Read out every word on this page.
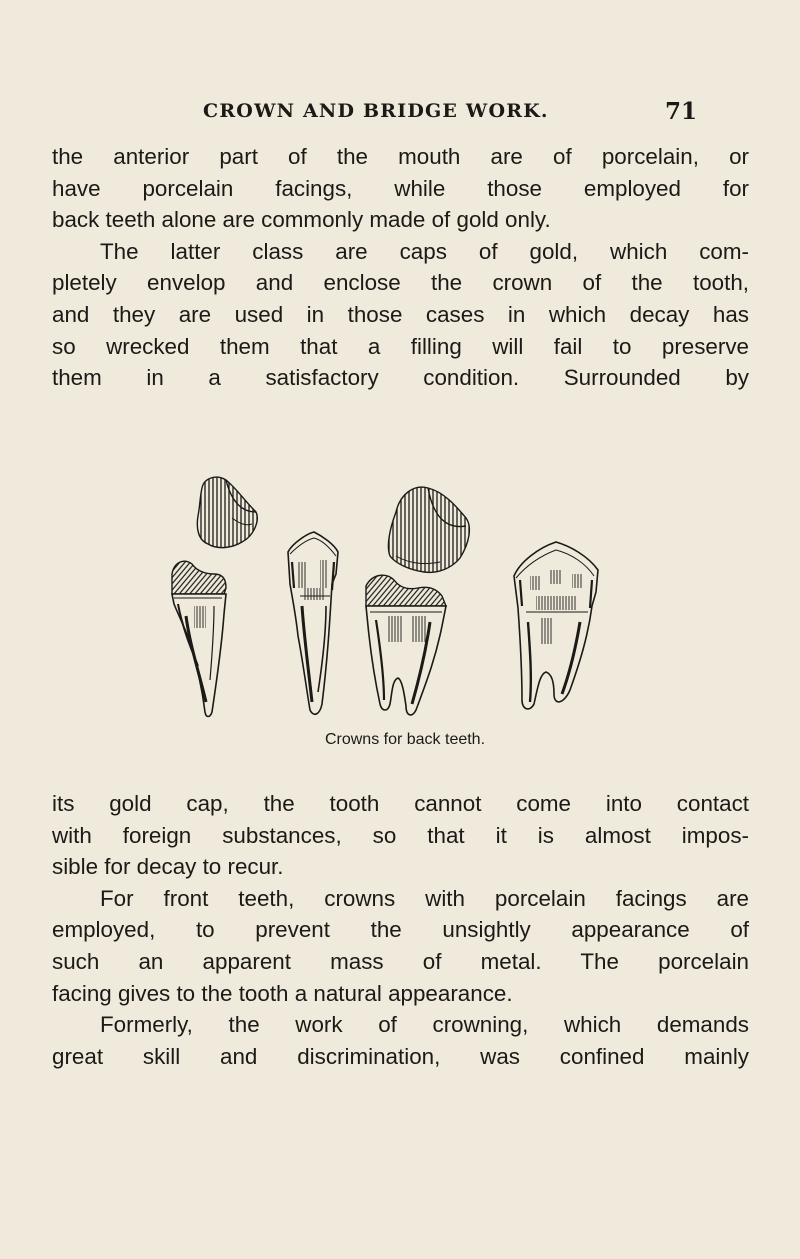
CROWN AND BRIDGE WORK.	71
the anterior part of the mouth are of porcelain, or
have porcelain facings, while those employed for
back teeth alone are commonly made of gold only.
The latter class are caps of gold, which com-
pletely envelop and enclose the crown of the tooth,
and they are used in those cases in which decay has
so wrecked them that a filling will fail to preserve
them in a satisfactory condition. Surrounded by
Crowns for back teeth.
its gold cap, the tooth cannot come into contact
with foreign substances, so that it is almost impos-
sible for decay to recur.
For front teeth, crowns with porcelain facings are
employed, to prevent the unsightly appearance of
such an apparent mass of metal. The porcelain
facing gives to the tooth a natural appearance.
Formerly, the work of crowning, which demands
great skill and discrimination, was confined mainly
